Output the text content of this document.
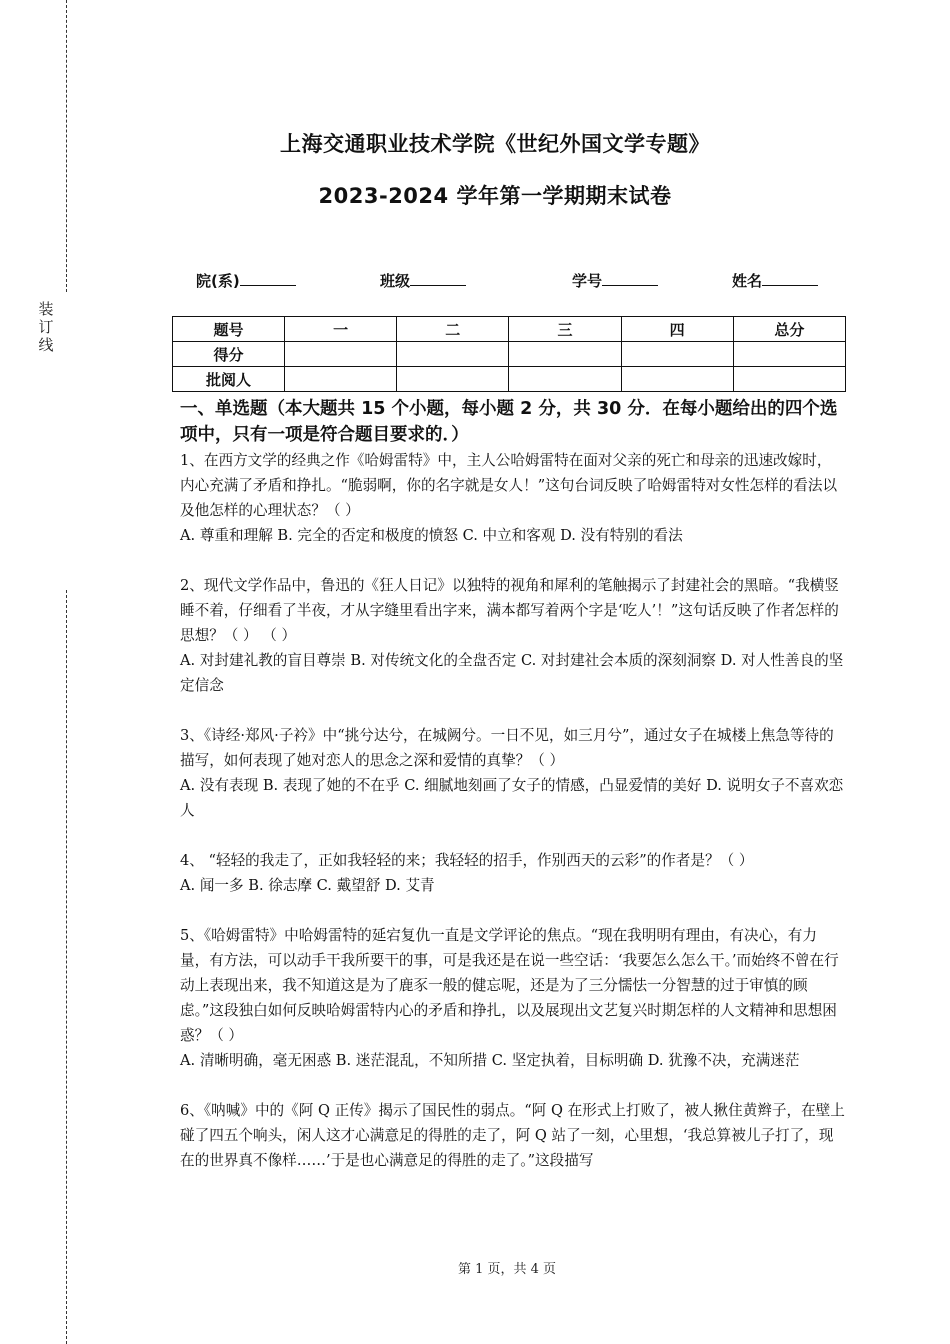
装
订
线
上海交通职业技术学院《世纪外国文学专题》
2023-2024 学年第一学期期末试卷
院(系)	班级	学号	姓名
题号	一	二	三	四	总分
得分					
批阅人					
一、单选题（本大题共 15 个小题，每小题 2 分，共 30 分．在每小题给出的四个选项中，只有一项是符合题目要求的．）

1、在西方文学的经典之作《哈姆雷特》中，主人公哈姆雷特在面对父亲的死亡和母亲的迅速改嫁时，内心充满了矛盾和挣扎。“脆弱啊，你的名字就是女人！”这句台词反映了哈姆雷特对女性怎样的看法以及他怎样的心理状态？（ ）

A. 尊重和理解 B. 完全的否定和极度的愤怒 C. 中立和客观 D. 没有特别的看法

2、现代文学作品中，鲁迅的《狂人日记》以独特的视角和犀利的笔触揭示了封建社会的黑暗。“我横竖睡不着，仔细看了半夜，才从字缝里看出字来，满本都写着两个字是‘吃人’！”这句话反映了作者怎样的思想？（ ） （ ）

A. 对封建礼教的盲目尊崇 B. 对传统文化的全盘否定 C. 对封建社会本质的深刻洞察 D. 对人性善良的坚定信念

3、《诗经·郑风·子衿》中“挑兮达兮，在城阙兮。一日不见，如三月兮”，通过女子在城楼上焦急等待的描写，如何表现了她对恋人的思念之深和爱情的真挚？（ ）

A. 没有表现 B. 表现了她的不在乎 C. 细腻地刻画了女子的情感，凸显爱情的美好 D. 说明女子不喜欢恋人

4、 “轻轻的我走了，正如我轻轻的来；我轻轻的招手，作别西天的云彩”的作者是？（ ）

A. 闻一多 B. 徐志摩 C. 戴望舒 D. 艾青

5、《哈姆雷特》中哈姆雷特的延宕复仇一直是文学评论的焦点。“现在我明明有理由，有决心，有力量，有方法，可以动手干我所要干的事，可是我还是在说一些空话：‘我要怎么怎么干。’而始终不曾在行动上表现出来，我不知道这是为了鹿豕一般的健忘呢，还是为了三分懦怯一分智慧的过于审慎的顾虑。”这段独白如何反映哈姆雷特内心的矛盾和挣扎，以及展现出文艺复兴时期怎样的人文精神和思想困惑？（ ）

A. 清晰明确，毫无困惑 B. 迷茫混乱，不知所措 C. 坚定执着，目标明确 D. 犹豫不决，充满迷茫

6、《呐喊》中的《阿 Q 正传》揭示了国民性的弱点。“阿 Q 在形式上打败了，被人揪住黄辫子，在壁上碰了四五个响头，闲人这才心满意足的得胜的走了，阿 Q 站了一刻，心里想，‘我总算被儿子打了，现在的世界真不像样……’于是也心满意足的得胜的走了。”这段描写

第 1 页，共 4 页
